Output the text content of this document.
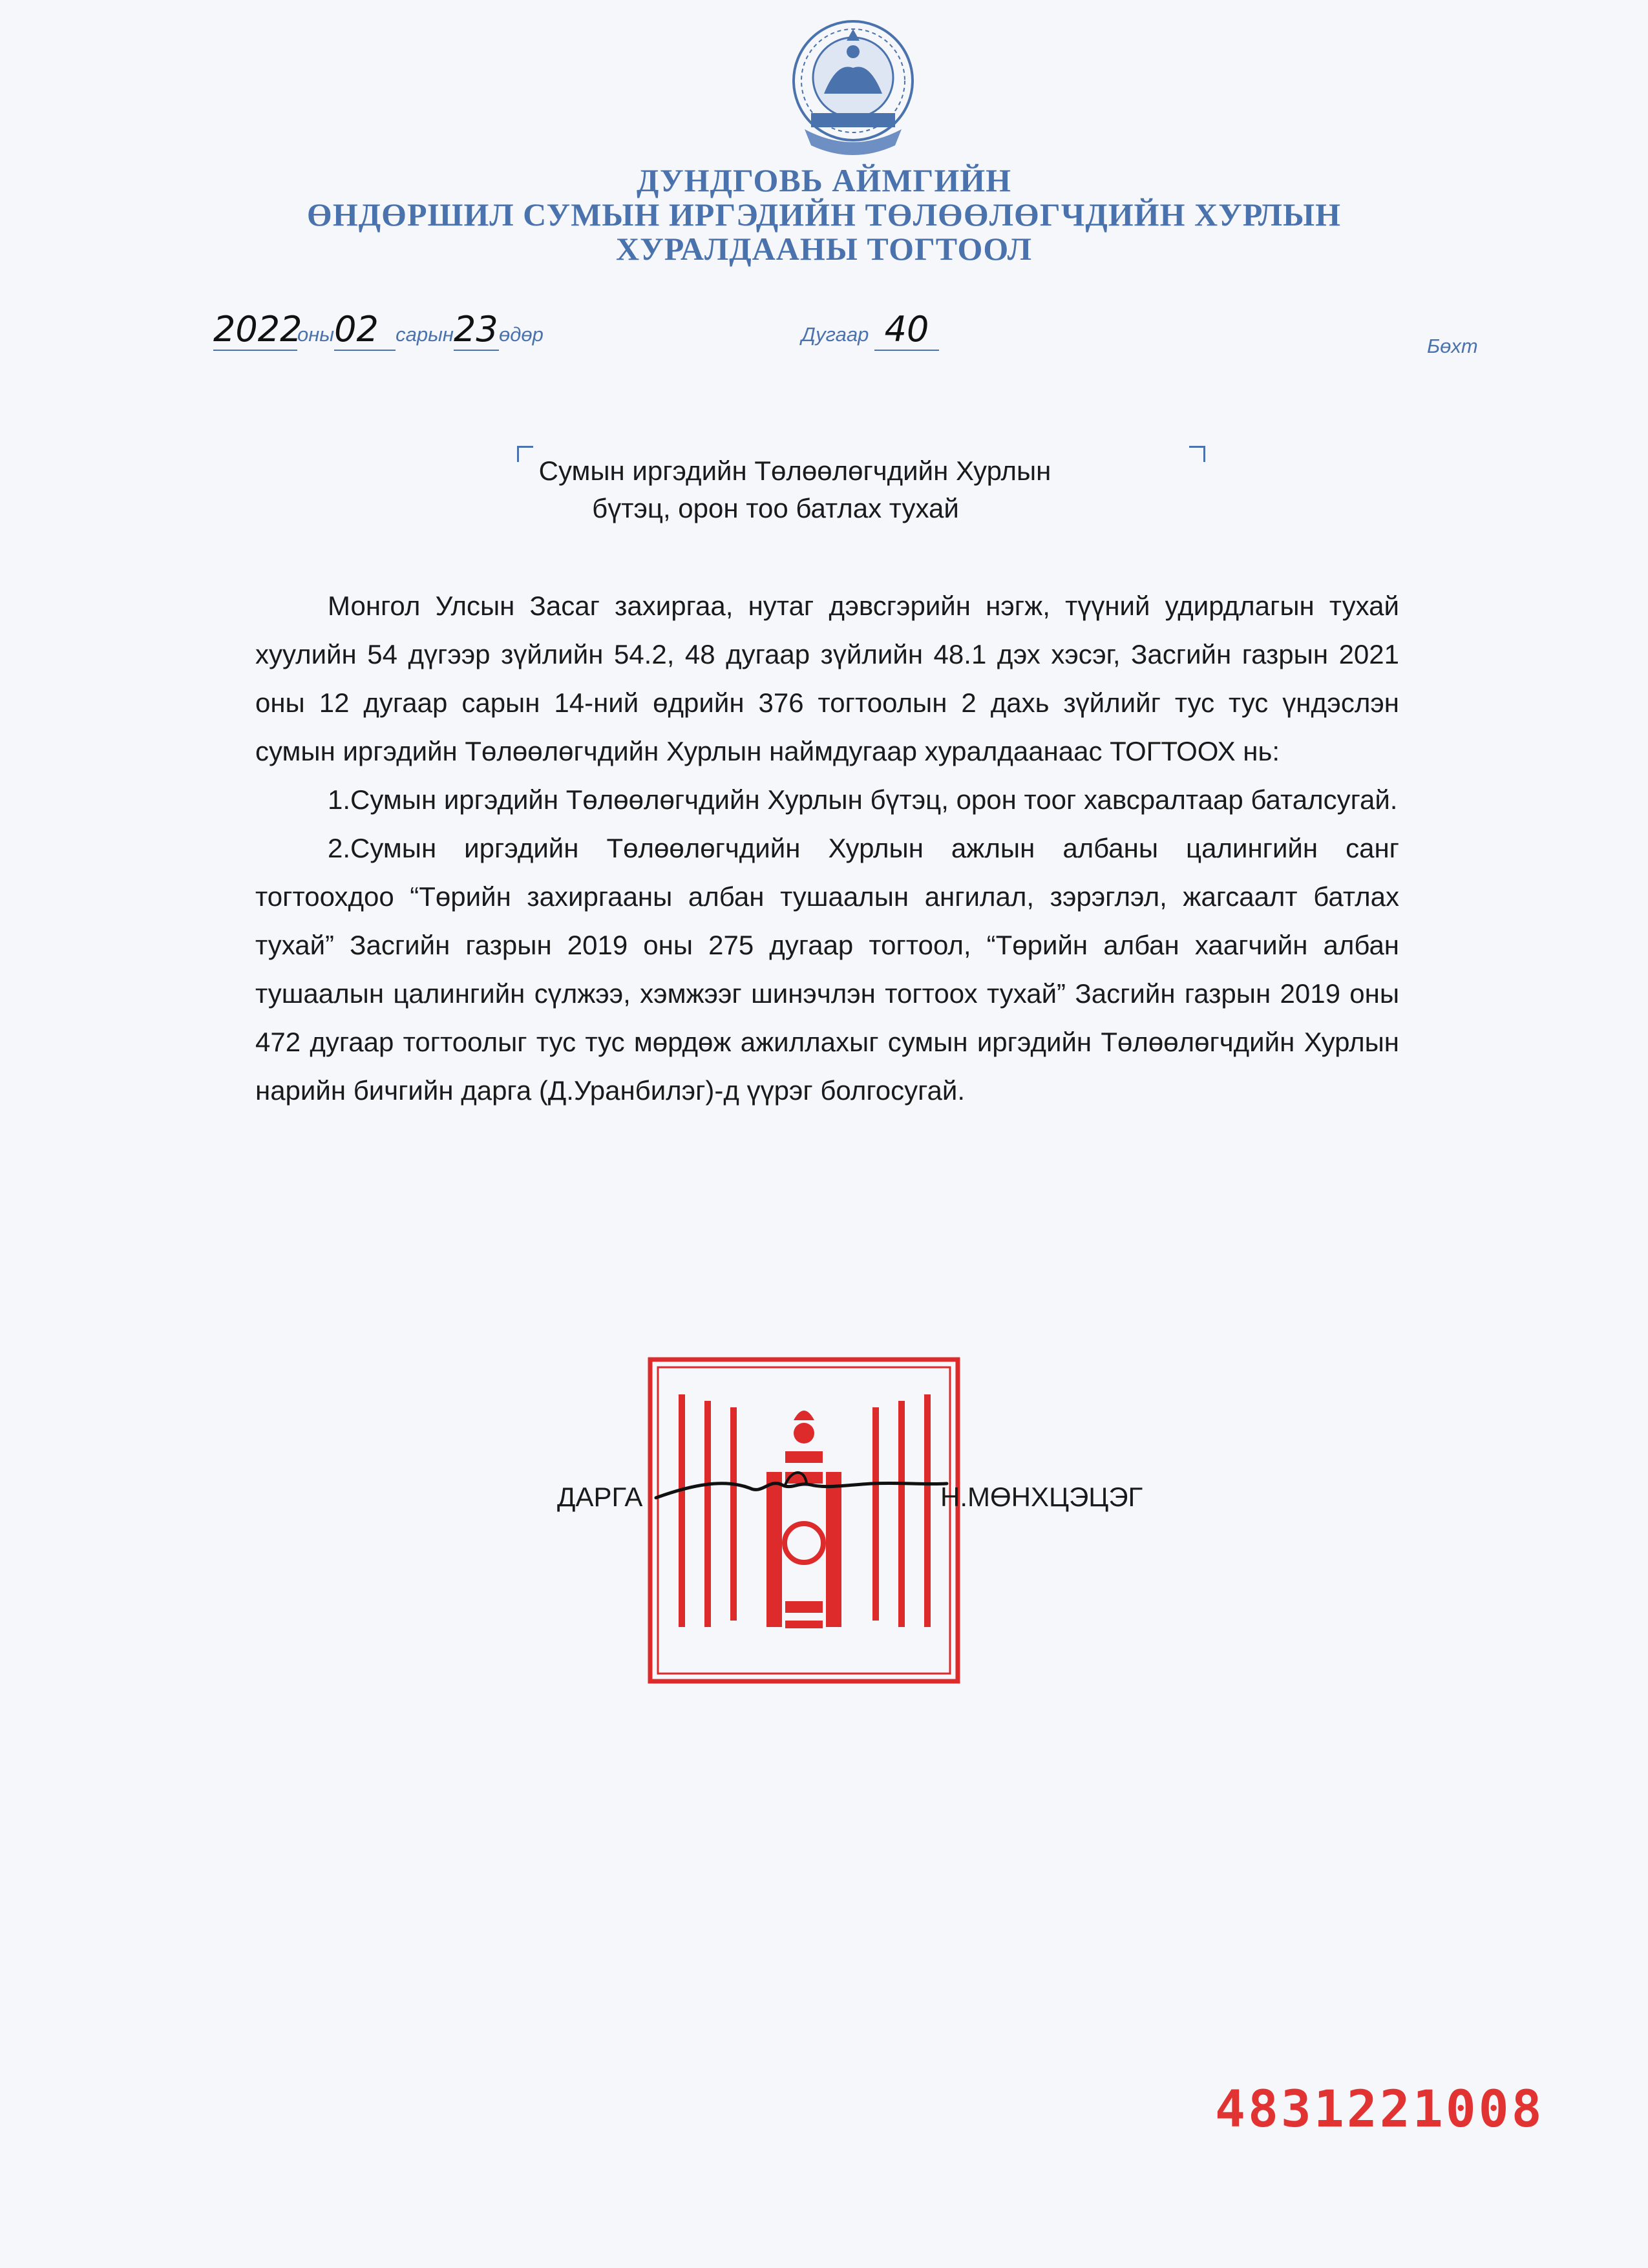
ДУНДГОВЬ АЙМГИЙН
ӨНДӨРШИЛ СУМЫН ИРГЭДИЙН ТӨЛӨӨЛӨГЧДИЙН ХУРЛЫН
ХУРАЛДААНЫ ТОГТООЛ
2022оны02 сарын23өдөр	Дугаар 40	Бөхт
Сумын иргэдийн Төлөөлөгчдийн Хурлын
бүтэц, орон тоо батлах тухай

Монгол Улсын Засаг захиргаа, нутаг дэвсгэрийн нэгж, түүний удирдлагын тухай хуулийн 54 дүгээр зүйлийн 54.2, 48 дугаар зүйлийн 48.1 дэх хэсэг, Засгийн газрын 2021 оны 12 дугаар сарын 14-ний өдрийн 376 тогтоолын 2 дахь зүйлийг тус тус үндэслэн сумын иргэдийн Төлөөлөгчдийн Хурлын наймдугаар хуралдаанаас ТОГТООХ нь:

1.Сумын иргэдийн Төлөөлөгчдийн Хурлын бүтэц, орон тоог хавсралтаар баталсугай.

2.Сумын иргэдийн Төлөөлөгчдийн Хурлын ажлын албаны цалингийн санг тогтоохдоо “Төрийн захиргааны албан тушаалын ангилал, зэрэглэл, жагсаалт батлах тухай” Засгийн газрын 2019 оны 275 дугаар тогтоол, “Төрийн албан хаагчийн албан тушаалын цалингийн сүлжээ, хэмжээг шинэчлэн тогтоох тухай” Засгийн газрын 2019 оны 472 дугаар тогтоолыг тус тус мөрдөж ажиллахыг сумын иргэдийн Төлөөлөгчдийн Хурлын нарийн бичгийн дарга (Д.Уранбилэг)-д үүрэг болгосугай.

ДАРГА	Н.МӨНХЦЭЦЭГ
4831221008
